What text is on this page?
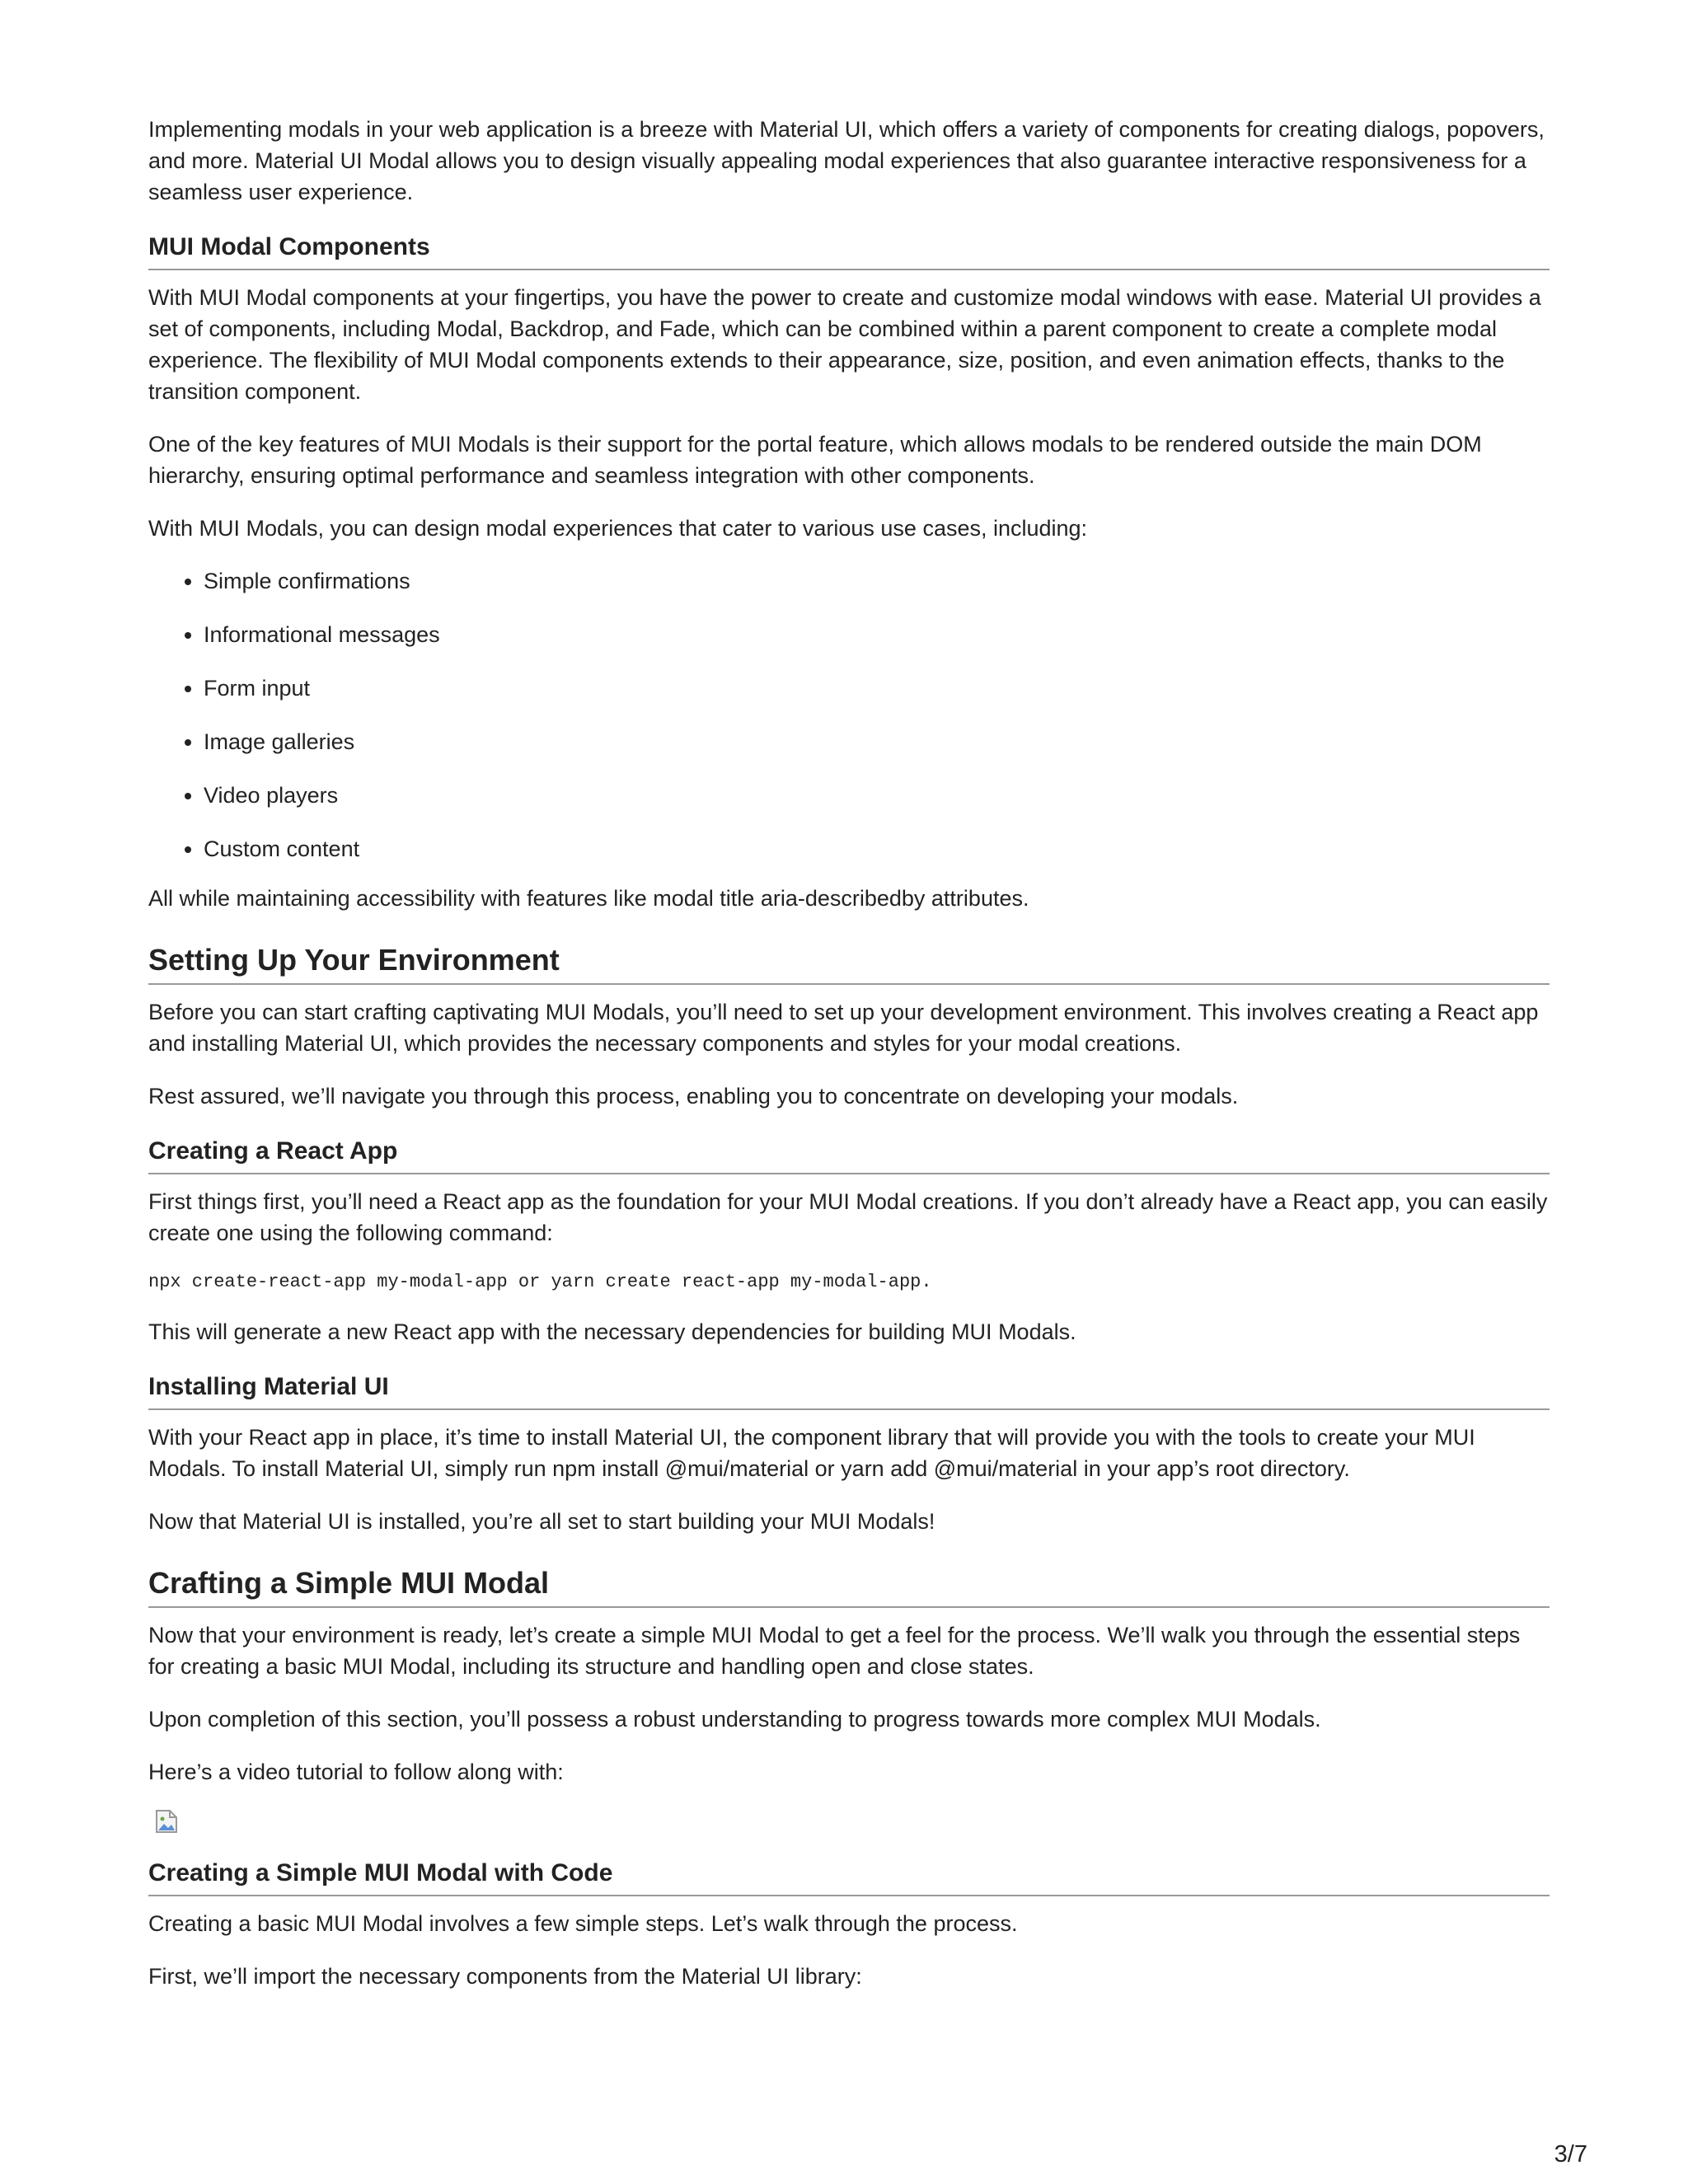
Implementing modals in your web application is a breeze with Material UI, which offers a variety of components for creating dialogs, popovers, and more. Material UI Modal allows you to design visually appealing modal experiences that also guarantee interactive responsiveness for a seamless user experience.

MUI Modal Components

With MUI Modal components at your fingertips, you have the power to create and customize modal windows with ease. Material UI provides a set of components, including Modal, Backdrop, and Fade, which can be combined within a parent component to create a complete modal experience. The flexibility of MUI Modal components extends to their appearance, size, position, and even animation effects, thanks to the transition component.

One of the key features of MUI Modals is their support for the portal feature, which allows modals to be rendered outside the main DOM hierarchy, ensuring optimal performance and seamless integration with other components.

With MUI Modals, you can design modal experiences that cater to various use cases, including:

• Simple confirmations
• Informational messages
• Form input
• Image galleries
• Video players
• Custom content

All while maintaining accessibility with features like modal title aria-describedby attributes.

Setting Up Your Environment

Before you can start crafting captivating MUI Modals, you’ll need to set up your development environment. This involves creating a React app and installing Material UI, which provides the necessary components and styles for your modal creations.

Rest assured, we’ll navigate you through this process, enabling you to concentrate on developing your modals.

Creating a React App

First things first, you’ll need a React app as the foundation for your MUI Modal creations. If you don’t already have a React app, you can easily create one using the following command:

npx create-react-app my-modal-app or yarn create react-app my-modal-app.

This will generate a new React app with the necessary dependencies for building MUI Modals.

Installing Material UI

With your React app in place, it’s time to install Material UI, the component library that will provide you with the tools to create your MUI Modals. To install Material UI, simply run npm install @mui/material or yarn add @mui/material in your app’s root directory.

Now that Material UI is installed, you’re all set to start building your MUI Modals!

Crafting a Simple MUI Modal

Now that your environment is ready, let’s create a simple MUI Modal to get a feel for the process. We’ll walk you through the essential steps for creating a basic MUI Modal, including its structure and handling open and close states.

Upon completion of this section, you’ll possess a robust understanding to progress towards more complex MUI Modals.

Here’s a video tutorial to follow along with:

Creating a Simple MUI Modal with Code

Creating a basic MUI Modal involves a few simple steps. Let’s walk through the process.

First, we’ll import the necessary components from the Material UI library:

3/7
